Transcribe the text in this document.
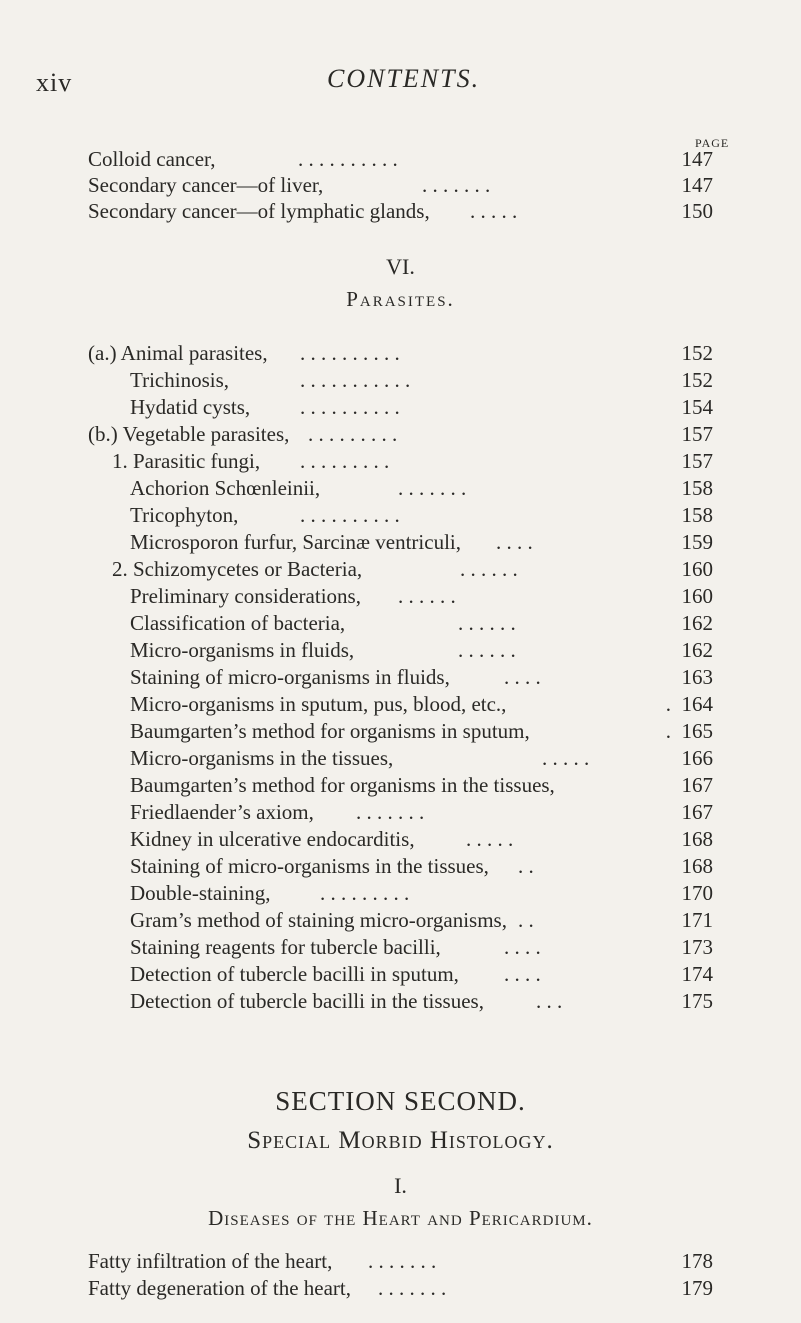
xiv	CONTENTS.
PAGE
Colloid cancer,	. . . . . . . . . .	147
Secondary cancer—of liver,	. . . . . . .	147
Secondary cancer—of lymphatic glands, . . . . .	150
VI.
Parasites.
(a.) Animal parasites, . . . . . . . . . .	152
Trichinosis,	. . . . . . . . . . .	152
Hydatid cysts, . . . . . . . . . .	154
(b.) Vegetable parasites, . . . . . . . . .	157
1. Parasitic fungi, . . . . . . . . .	157
Achorion Schœnleinii,	. . . . . . .	158
Tricophyton,	. . . . . . . . . .	158
Microsporon furfur, Sarcinæ ventriculi, . . . .	159
2. Schizomycetes or Bacteria,	. . . . . .	160
Preliminary considerations, . . . . . .	160
Classification of bacteria,	. . . . . .	162
Micro-organisms in fluids,	. . . . . .	162
Staining of micro-organisms in fluids,	. . . .	163
Micro-organisms in sputum, pus, blood, etc.,	. 164
Baumgarten’s method for organisms in sputum,	. 165
Micro-organisms in the tissues,	. . . . .	166
Baumgarten’s method for organisms in the tissues,	167
Friedlaender’s axiom, . . . . . . .	167
Kidney in ulcerative endocarditis, . . . . .	168
Staining of micro-organisms in the tissues, . .	168
Double-staining, . . . . . . . . .	170
Gram’s method of staining micro-organisms, . .	171
Staining reagents for tubercle bacilli,	. . . .	173
Detection of tubercle bacilli in sputum, . . . .	174
Detection of tubercle bacilli in the tissues, . . .	175
SECTION SECOND.
Special Morbid Histology.
I.
Diseases of the Heart and Pericardium.
Fatty infiltration of the heart, . . . . . . .	178
Fatty degeneration of the heart, . . . . . . .	179
